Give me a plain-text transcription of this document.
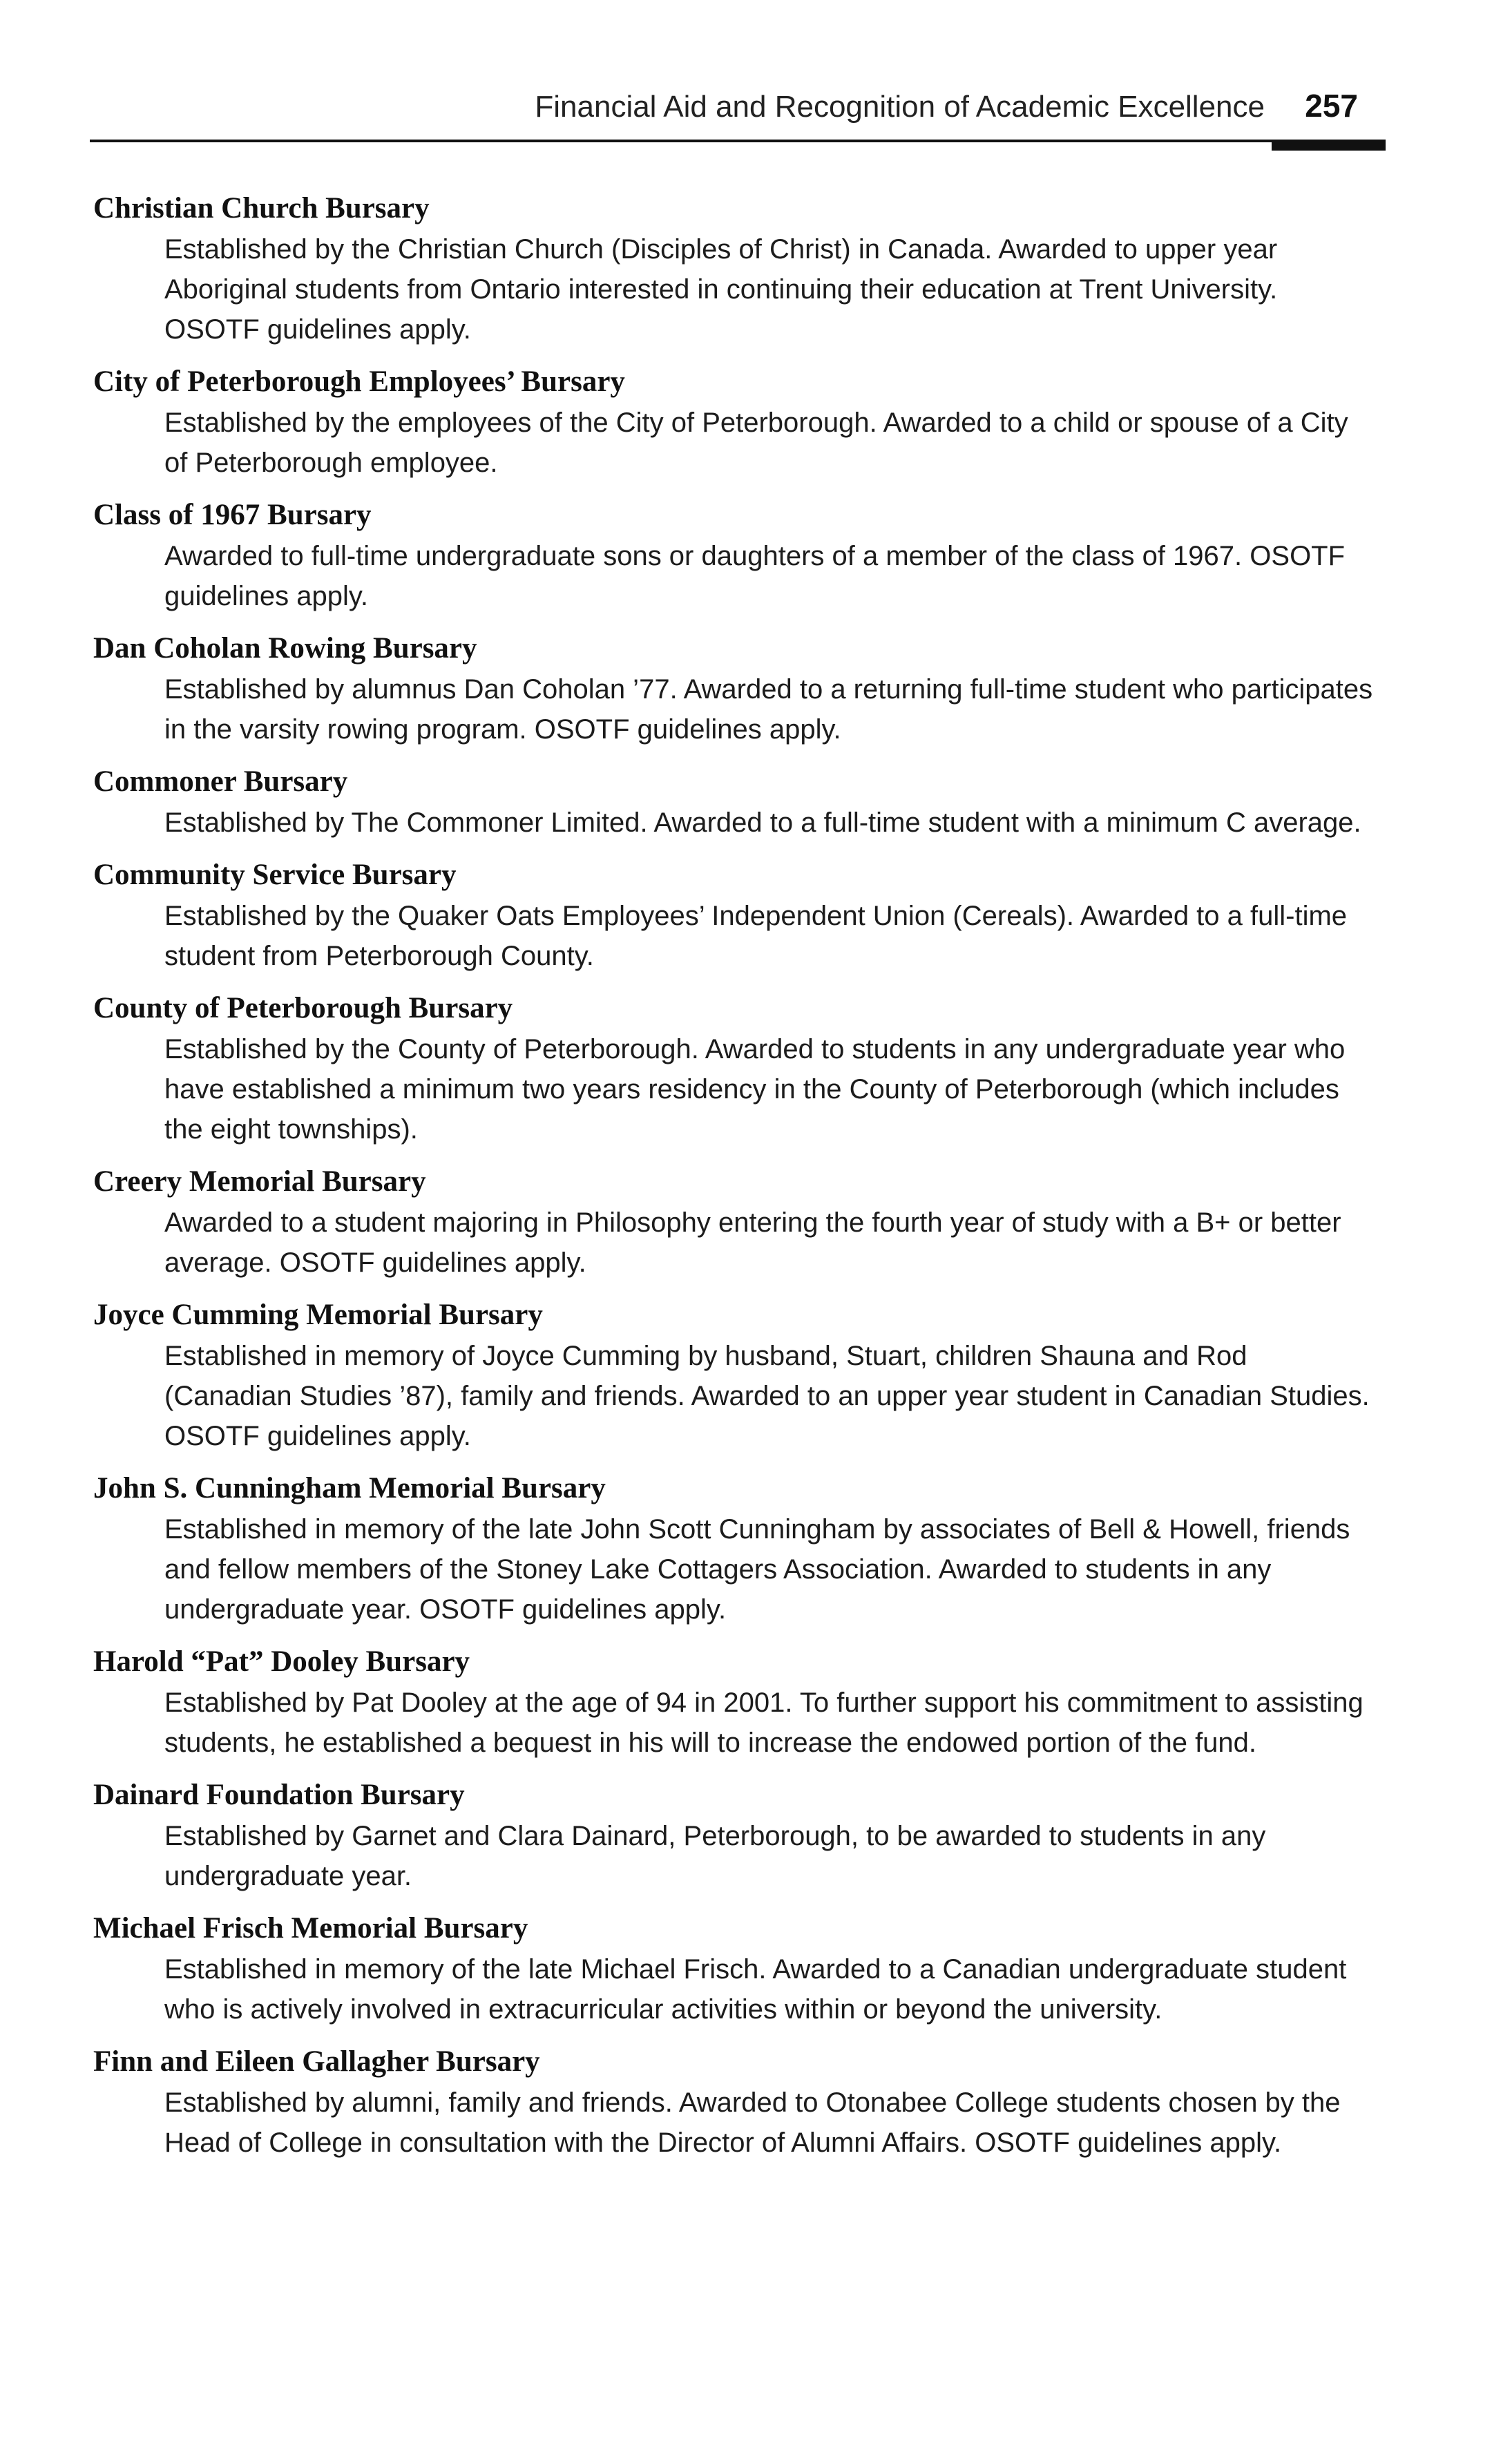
Financial Aid and Recognition of Academic Excellence 257
Christian Church Bursary
Established by the Christian Church (Disciples of Christ) in Canada. Awarded to upper year Aboriginal students from Ontario interested in continuing their education at Trent University. OSOTF guidelines apply.
City of Peterborough Employees’ Bursary
Established by the employees of the City of Peterborough. Awarded to a child or spouse of a City of Peterborough employee.
Class of 1967 Bursary
Awarded to full-time undergraduate sons or daughters of a member of the class of 1967. OSOTF guidelines apply.
Dan Coholan Rowing Bursary
Established by alumnus Dan Coholan ’77. Awarded to a returning full-time student who participates in the varsity rowing program. OSOTF guidelines apply.
Commoner Bursary
Established by The Commoner Limited. Awarded to a full-time student with a minimum C average.
Community Service Bursary
Established by the Quaker Oats Employees’ Independent Union (Cereals). Awarded to a full-time student from Peterborough County.
County of Peterborough Bursary
Established by the County of Peterborough. Awarded to students in any undergraduate year who have established a minimum two years residency in the County of Peterborough (which includes the eight townships).
Creery Memorial Bursary
Awarded to a student majoring in Philosophy entering the fourth year of study with a B+ or better average. OSOTF guidelines apply.
Joyce Cumming Memorial Bursary
Established in memory of Joyce Cumming by husband, Stuart, children Shauna and Rod (Canadian Studies ’87), family and friends. Awarded to an upper year student in Canadian Studies. OSOTF guidelines apply.
John S. Cunningham Memorial Bursary
Established in memory of the late John Scott Cunningham by associates of Bell & Howell, friends and fellow members of the Stoney Lake Cottagers Association. Awarded to students in any undergraduate year. OSOTF guidelines apply.
Harold “Pat” Dooley Bursary
Established by Pat Dooley at the age of 94 in 2001. To further support his commitment to assisting students, he established a bequest in his will to increase the endowed portion of the fund.
Dainard Foundation Bursary
Established by Garnet and Clara Dainard, Peterborough, to be awarded to students in any undergraduate year.
Michael Frisch Memorial Bursary
Established in memory of the late Michael Frisch. Awarded to a Canadian undergraduate student who is actively involved in extracurricular activities within or beyond the university.
Finn and Eileen Gallagher Bursary
Established by alumni, family and friends. Awarded to Otonabee College students chosen by the Head of College in consultation with the Director of Alumni Affairs. OSOTF guidelines apply.
